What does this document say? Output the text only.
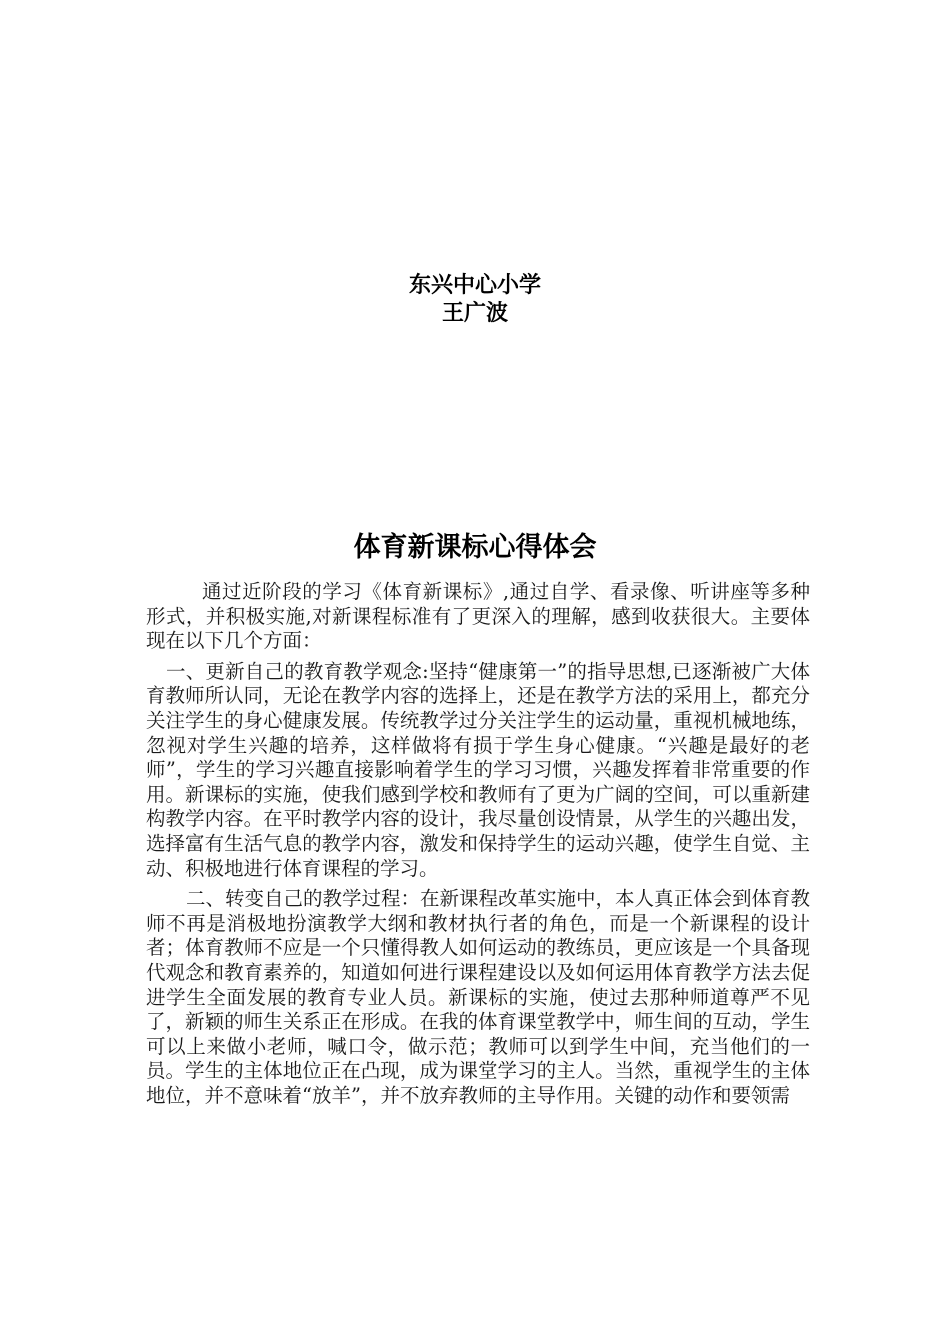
东兴中心小学
王广波
体育新课标心得体会

通过近阶段的学习《体育新课标》,通过自学、看录像、听讲座等多种形式，并积极实施,对新课程标准有了更深入的理解，感到收获很大。主要体现在以下几个方面：

一、更新自己的教育教学观念:坚持“健康第一”的指导思想,已逐渐被广大体育教师所认同，无论在教学内容的选择上，还是在教学方法的采用上，都充分关注学生的身心健康发展。传统教学过分关注学生的运动量，重视机械地练，忽视对学生兴趣的培养，这样做将有损于学生身心健康。“兴趣是最好的老师”，学生的学习兴趣直接影响着学生的学习习惯，兴趣发挥着非常重要的作用。新课标的实施，使我们感到学校和教师有了更为广阔的空间，可以重新建构教学内容。在平时教学内容的设计，我尽量创设情景，从学生的兴趣出发，选择富有生活气息的教学内容，激发和保持学生的运动兴趣，使学生自觉、主动、积极地进行体育课程的学习。

二、转变自己的教学过程：在新课程改革实施中，本人真正体会到体育教师不再是消极地扮演教学大纲和教材执行者的角色，而是一个新课程的设计者；体育教师不应是一个只懂得教人如何运动的教练员，更应该是一个具备现代观念和教育素养的，知道如何进行课程建设以及如何运用体育教学方法去促进学生全面发展的教育专业人员。新课标的实施，使过去那种师道尊严不见了，新颖的师生关系正在形成。在我的体育课堂教学中，师生间的互动，学生可以上来做小老师，喊口令，做示范；教师可以到学生中间，充当他们的一员。学生的主体地位正在凸现，成为课堂学习的主人。当然，重视学生的主体地位，并不意味着“放羊”，并不放弃教师的主导作用。关键的动作和要领需
